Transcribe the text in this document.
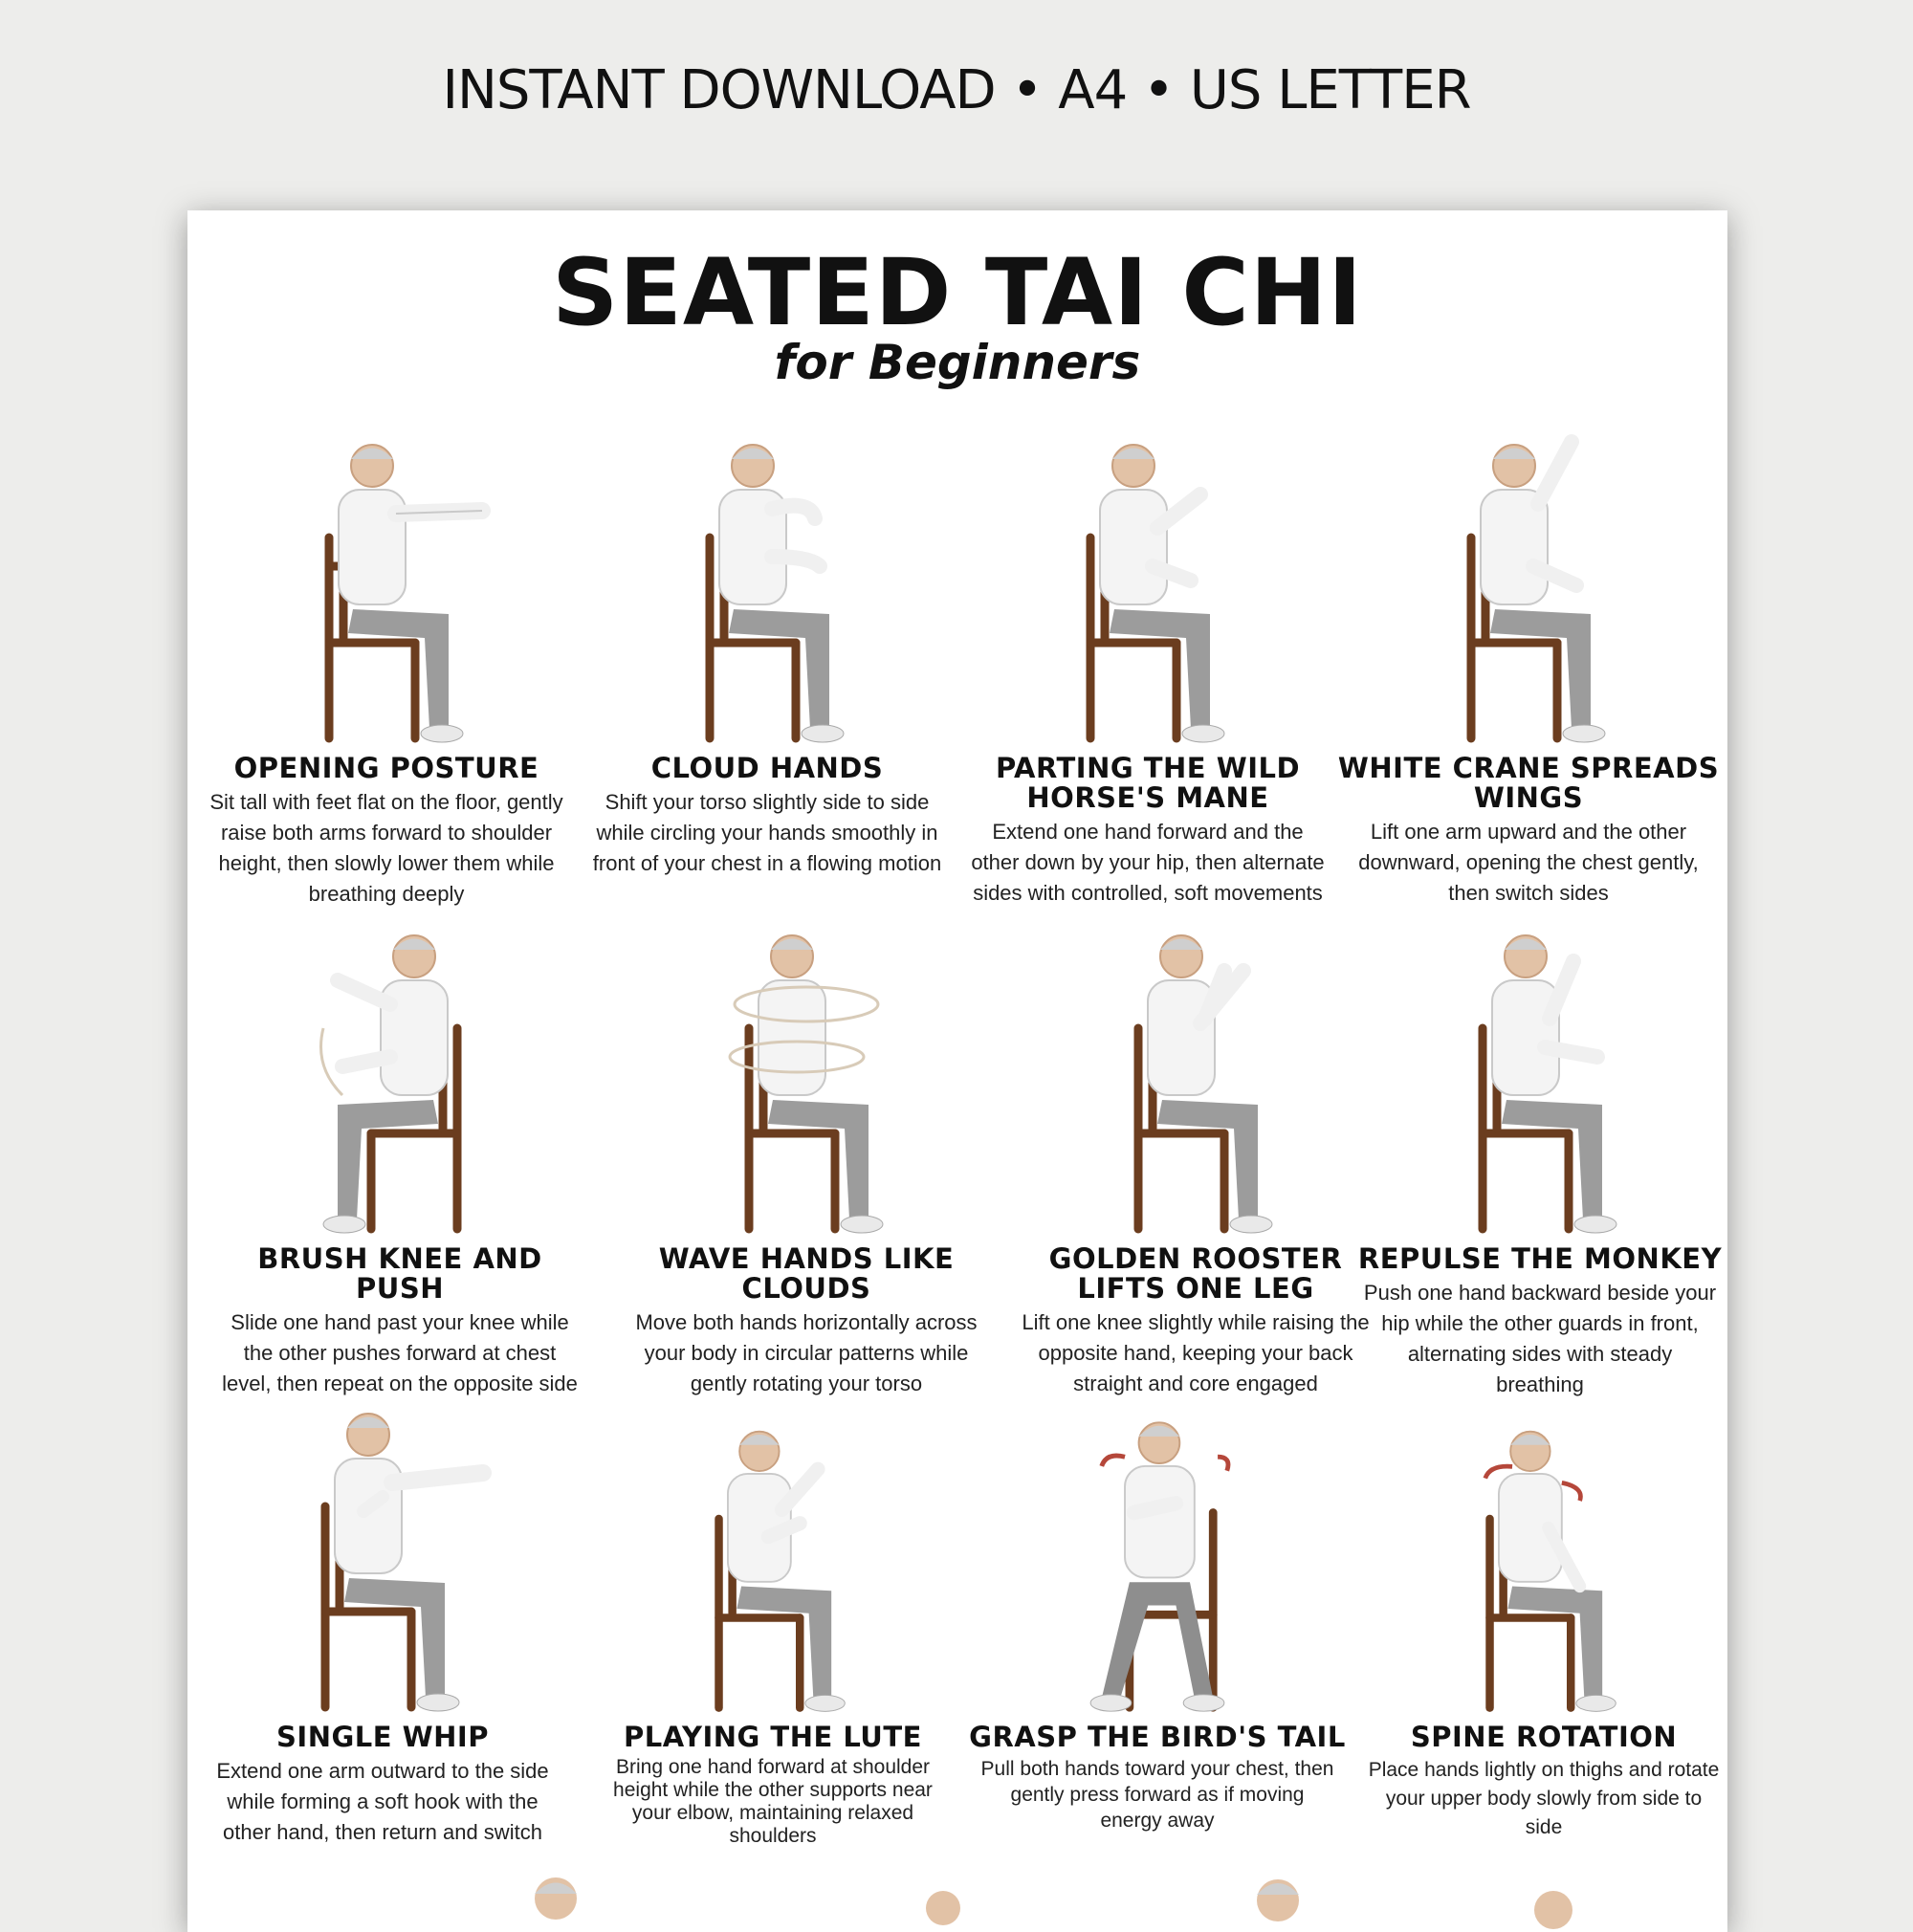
INSTANT DOWNLOAD • A4 • US LETTER
SEATED TAI CHI
for Beginners
OPENING POSTURE
Sit tall with feet flat on the floor, gently raise both arms forward to shoulder height, then slowly lower them while breathing deeply
CLOUD HANDS
Shift your torso slightly side to side while circling your hands smoothly in front of your chest in a flowing motion
PARTING THE WILD HORSE'S MANE
Extend one hand forward and the other down by your hip, then alternate sides with controlled, soft movements
WHITE CRANE SPREADS WINGS
Lift one arm upward and the other downward, opening the chest gently, then switch sides
BRUSH KNEE AND PUSH
Slide one hand past your knee while the other pushes forward at chest level, then repeat on the opposite side
WAVE HANDS LIKE CLOUDS
Move both hands horizontally across your body in circular patterns while gently rotating your torso
GOLDEN ROOSTER LIFTS ONE LEG
Lift one knee slightly while raising the opposite hand, keeping your back straight and core engaged
REPULSE THE MONKEY
Push one hand backward beside your hip while the other guards in front, alternating sides with steady breathing
SINGLE WHIP
Extend one arm outward to the side while forming a soft hook with the other hand, then return and switch
PLAYING THE LUTE
Bring one hand forward at shoulder height while the other supports near your elbow, maintaining relaxed shoulders
GRASP THE BIRD'S TAIL
Pull both hands toward your chest, then gently press forward as if moving energy away
SPINE ROTATION
Place hands lightly on thighs and rotate your upper body slowly from side to side
